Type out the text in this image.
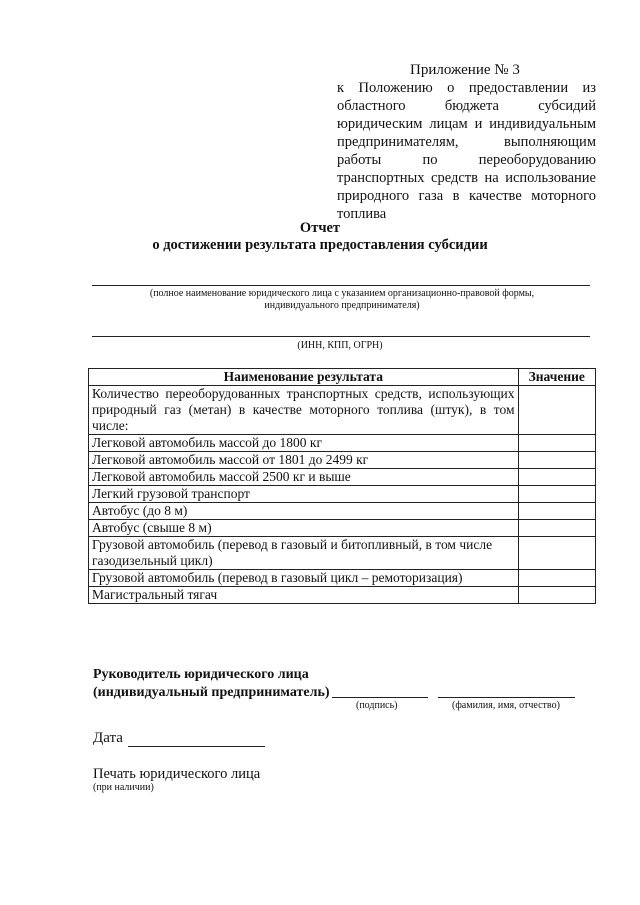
Приложение № 3
к Положению о предоставлении из областного бюджета субсидий юридическим лицам и индивидуальным предпринимателям, выполняющим работы по переоборудованию транспортных средств на использование природного газа в качестве моторного топлива
Отчет
о достижении результата предоставления субсидии
(полное наименование юридического лица с указанием организационно-правовой формы,
индивидуального предпринимателя)
(ИНН, КПП, ОГРН)
Наименование результата	Значение
Количество переоборудованных транспортных средств, использующих природный газ (метан) в качестве моторного топлива (штук), в том числе:	
Легковой автомобиль массой до 1800 кг	
Легковой автомобиль массой от 1801 до 2499 кг	
Легковой автомобиль массой 2500 кг и выше	
Легкий грузовой транспорт	
Автобус (до 8 м)	
Автобус (свыше 8 м)	
Грузовой автомобиль (перевод в газовый и битопливный, в том числе газодизельный цикл)	
Грузовой автомобиль (перевод в газовый цикл – ремоторизация)	
Магистральный тягач	
Руководитель юридического лица
(индивидуальный предприниматель)
(подпись)	(фамилия, имя, отчество)
Дата
Печать юридического лица
(при наличии)
